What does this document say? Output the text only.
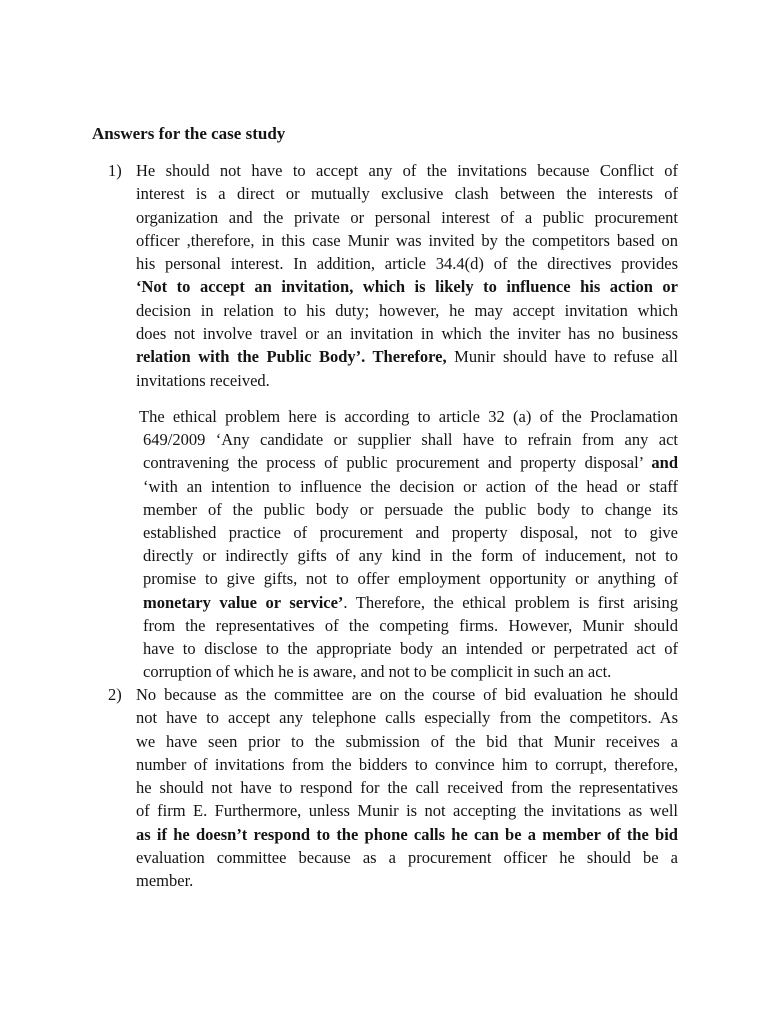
Answers for the case study
1) He should not have to accept any of the invitations because Conflict of
interest is a direct or mutually exclusive clash between the interests of
organization and the private or personal interest of a public procurement
officer ,therefore, in this case Munir was invited by the competitors based on
his personal interest. In addition, article 34.4(d) of the directives provides
‘Not to accept an invitation, which is likely to influence his action or
decision in relation to his duty; however, he may accept invitation which
does not involve travel or an invitation in which the inviter has no business
relation with the Public Body’. Therefore, Munir should have to refuse all
invitations received.
The ethical problem here is according to article 32 (a) of the Proclamation
649/2009 ‘Any candidate or supplier shall have to refrain from any act
contravening the process of public procurement and property disposal’ and
‘with an intention to influence the decision or action of the head or staff
member of the public body or persuade the public body to change its
established practice of procurement and property disposal, not to give
directly or indirectly gifts of any kind in the form of inducement, not to
promise to give gifts, not to offer employment opportunity or anything of
monetary value or service’. Therefore, the ethical problem is first arising
from the representatives of the competing firms. However, Munir should
have to disclose to the appropriate body an intended or perpetrated act of
corruption of which he is aware, and not to be complicit in such an act.
2) No because as the committee are on the course of bid evaluation he should
not have to accept any telephone calls especially from the competitors. As
we have seen prior to the submission of the bid that Munir receives a
number of invitations from the bidders to convince him to corrupt, therefore,
he should not have to respond for the call received from the representatives
of firm E. Furthermore, unless Munir is not accepting the invitations as well
as if he doesn’t respond to the phone calls he can be a member of the bid
evaluation committee because as a procurement officer he should be a
member.
